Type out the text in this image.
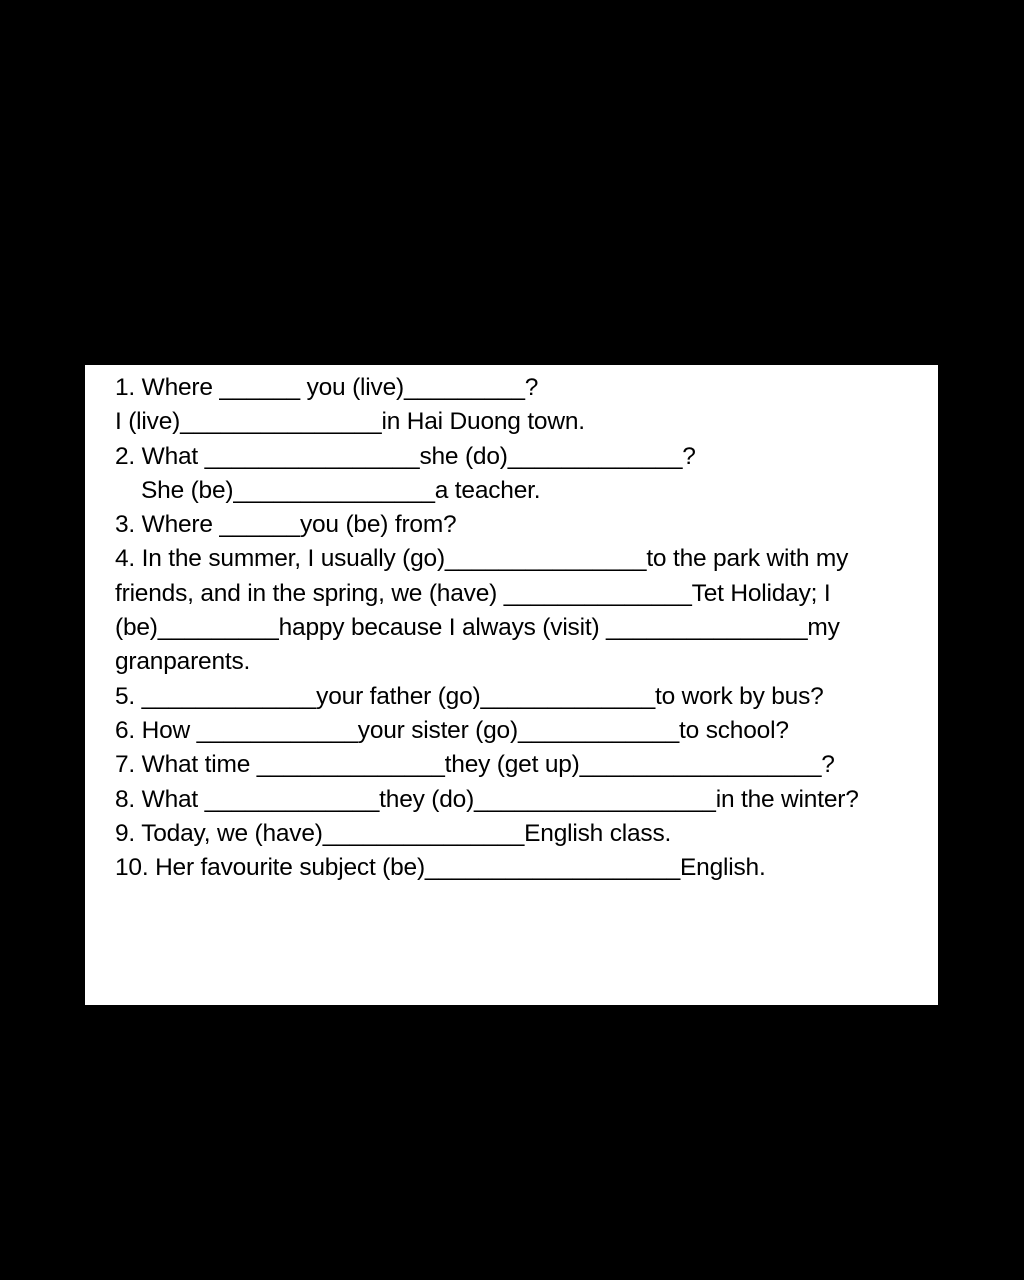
1. Where ______ you (live)_________?
I (live)_______________in Hai Duong town.
2. What ________________she (do)_____________?
She (be)_______________a teacher.
3. Where ______you (be) from?
4. In the summer, I usually (go)_______________to the park with my
friends, and in the spring, we (have) ______________Tet Holiday; I
(be)_________happy because I always (visit) _______________my
granparents.
5. _____________your father (go)_____________to work by bus?
6. How ____________your sister (go)____________to school?
7. What time ______________they (get up)__________________?
8. What _____________they (do)__________________in the winter?
9. Today, we (have)_______________English class.
10. Her favourite subject (be)___________________English.
